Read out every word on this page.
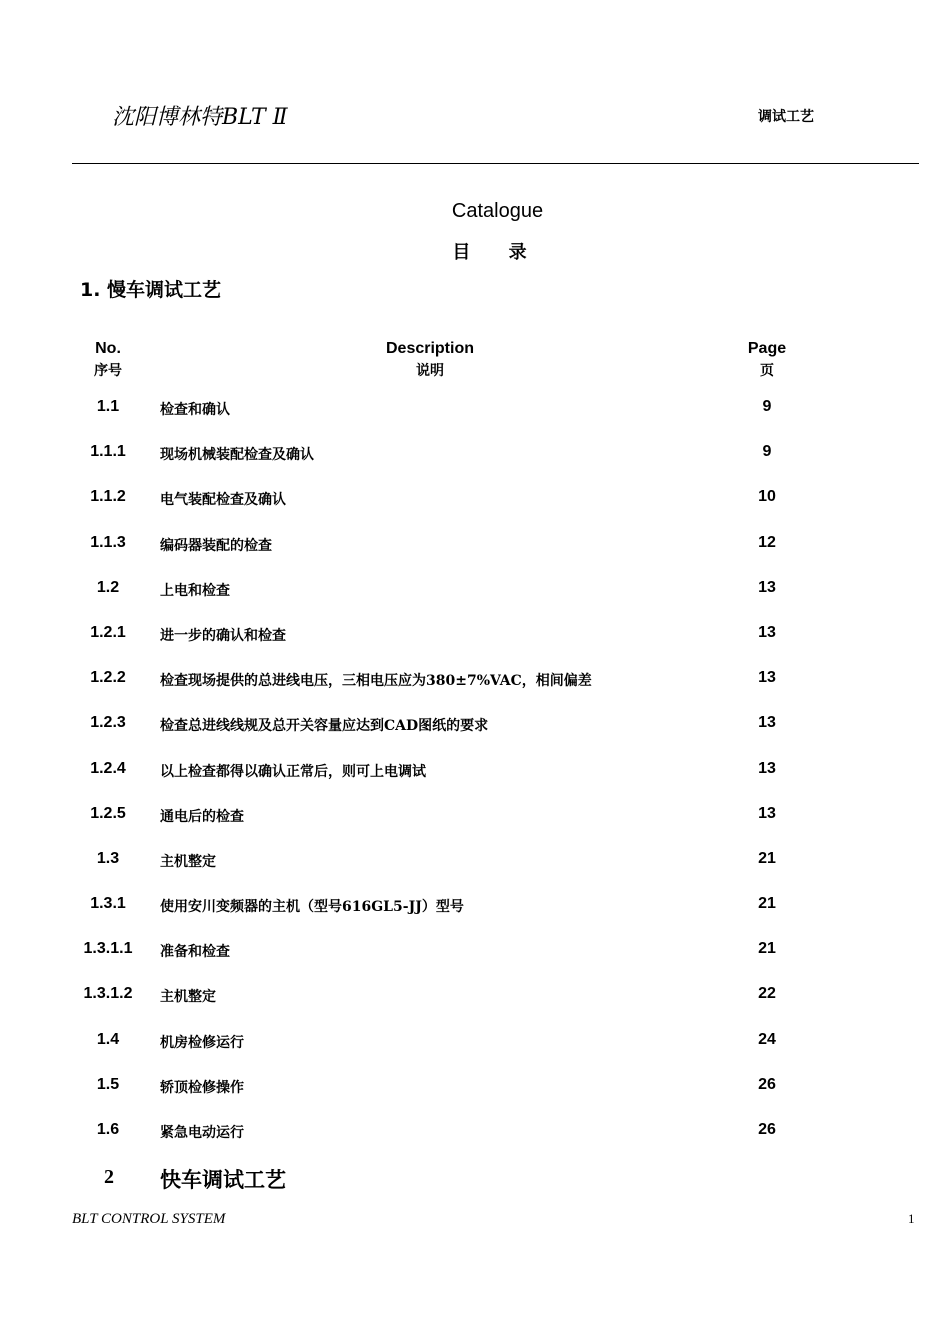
沈阳博林特BLT Ⅱ	调试工艺
Catalogue
目 录
1. 慢车调试工艺
No.
序号
Description
说明
Page
页
1.1	检查和确认	9
1.1.1	现场机械装配检查及确认	9
1.1.2	电气装配检查及确认	10
1.1.3	编码器装配的检查	12
1.2	上电和检查	13
1.2.1	进一步的确认和检查	13
1.2.2	检查现场提供的总进线电压，三相电压应为380±7%VAC，相间偏差	13
1.2.3	检查总进线线规及总开关容量应达到CAD图纸的要求	13
1.2.4	以上检查都得以确认正常后，则可上电调试	13
1.2.5	通电后的检查	13
1.3	主机整定	21
1.3.1	使用安川变频器的主机（型号616GL5-JJ）型号	21
1.3.1.1	准备和检查	21
1.3.1.2	主机整定	22
1.4	机房检修运行	24
1.5	轿顶检修操作	26
1.6	紧急电动运行	26
2	快车调试工艺
BLT CONTROL SYSTEM	1
